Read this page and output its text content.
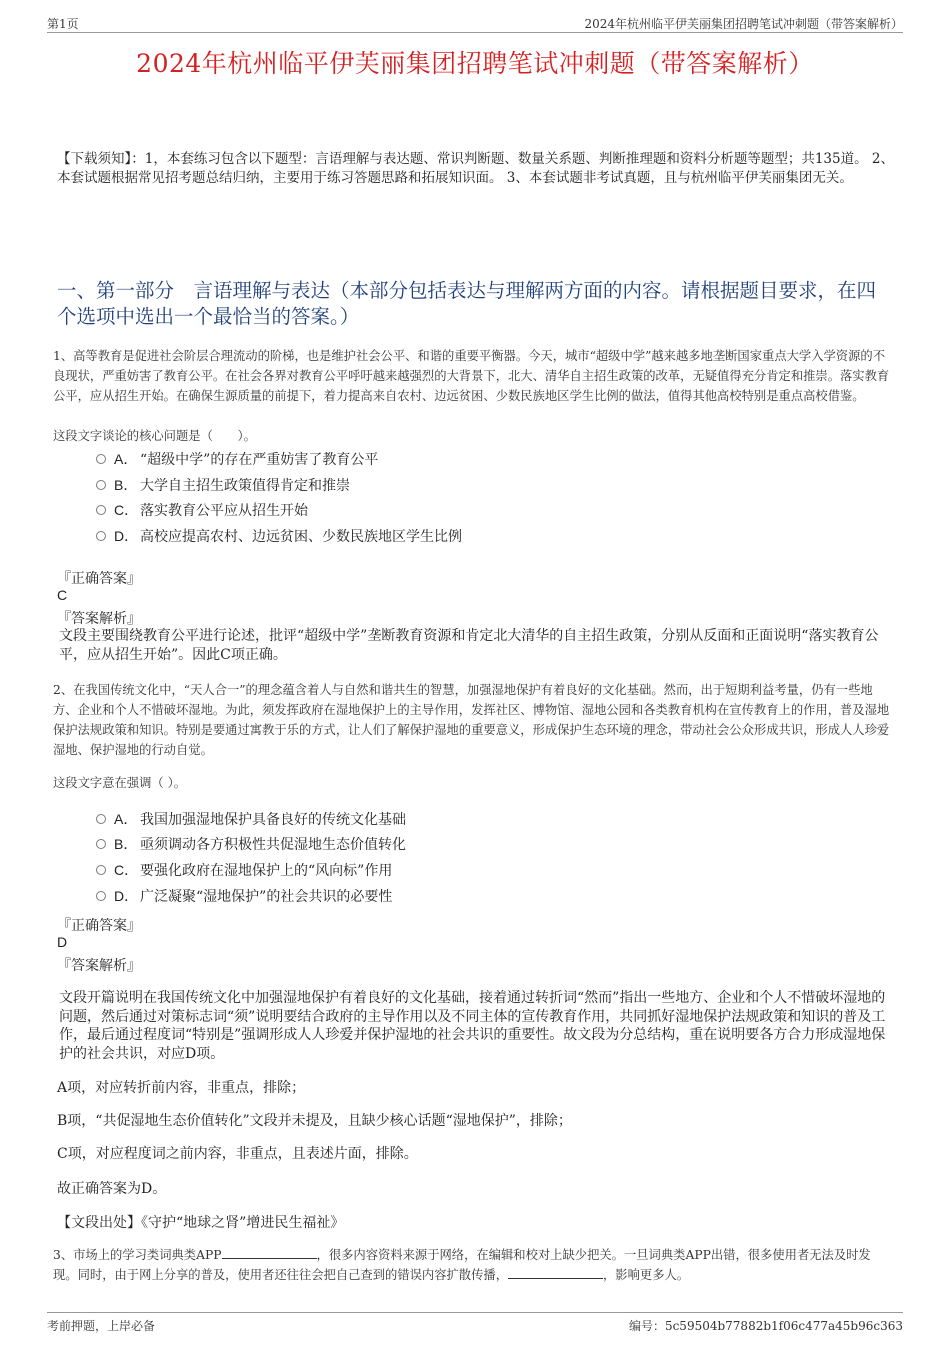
第1页	2024年杭州临平伊芙丽集团招聘笔试冲刺题（带答案解析）
2024年杭州临平伊芙丽集团招聘笔试冲刺题（带答案解析）
【下载须知】：1，本套练习包含以下题型：言语理解与表达题、常识判断题、数量关系题、判断推理题和资料分析题等题型；共135道。 2、本套试题根据常见招考题总结归纳，主要用于练习答题思路和拓展知识面。 3、本套试题非考试真题，且与杭州临平伊芙丽集团无关。
一、第一部分　言语理解与表达（本部分包括表达与理解两方面的内容。请根据题目要求，在四个选项中选出一个最恰当的答案。）
1、高等教育是促进社会阶层合理流动的阶梯，也是维护社会公平、和谐的重要平衡器。今天，城市“超级中学”越来越多地垄断国家重点大学入学资源的不良现状，严重妨害了教育公平。在社会各界对教育公平呼吁越来越强烈的大背景下，北大、清华自主招生政策的改革，无疑值得充分肯定和推崇。落实教育公平，应从招生开始。在确保生源质量的前提下，着力提高来自农村、边远贫困、少数民族地区学生比例的做法，值得其他高校特别是重点高校借鉴。
这段文字谈论的核心问题是（　　）。
A． “超级中学”的存在严重妨害了教育公平
B． 大学自主招生政策值得肯定和推崇
C． 落实教育公平应从招生开始
D． 高校应提高农村、边远贫困、少数民族地区学生比例
『正确答案』
C
『答案解析』
文段主要围绕教育公平进行论述，批评“超级中学”垄断教育资源和肯定北大清华的自主招生政策，分别从反面和正面说明“落实教育公平，应从招生开始”。因此C项正确。
2、在我国传统文化中，“天人合一”的理念蕴含着人与自然和谐共生的智慧，加强湿地保护有着良好的文化基础。然而，出于短期利益考量，仍有一些地方、企业和个人不惜破坏湿地。为此，须发挥政府在湿地保护上的主导作用，发挥社区、博物馆、湿地公园和各类教育机构在宣传教育上的作用，普及湿地保护法规政策和知识。特别是要通过寓教于乐的方式，让人们了解保护湿地的重要意义，形成保护生态环境的理念，带动社会公众形成共识，形成人人珍爱湿地、保护湿地的行动自觉。
这段文字意在强调（ ）。
A． 我国加强湿地保护具备良好的传统文化基础
B． 亟须调动各方积极性共促湿地生态价值转化
C． 要强化政府在湿地保护上的“风向标”作用
D． 广泛凝聚“湿地保护”的社会共识的必要性
『正确答案』
D
『答案解析』
文段开篇说明在我国传统文化中加强湿地保护有着良好的文化基础，接着通过转折词“然而”指出一些地方、企业和个人不惜破坏湿地的问题，然后通过对策标志词“须”说明要结合政府的主导作用以及不同主体的宣传教育作用，共同抓好湿地保护法规政策和知识的普及工作，最后通过程度词“特别是”强调形成人人珍爱并保护湿地的社会共识的重要性。故文段为分总结构，重在说明要各方合力形成湿地保护的社会共识，对应D项。
A项，对应转折前内容，非重点，排除；
B项，“共促湿地生态价值转化”文段并未提及，且缺少核心话题“湿地保护”，排除；
C项，对应程度词之前内容，非重点，且表述片面，排除。
故正确答案为D。
【文段出处】《守护“地球之肾”增进民生福祉》
3、市场上的学习类词典类APP	，很多内容资料来源于网络，在编辑和校对上缺少把关。一旦词典类APP出错，很多使用者无法及时发现。同时，由于网上分享的普及，使用者还往往会把自己查到的错误内容扩散传播，	，影响更多人。
考前押题，上岸必备	编号：5c59504b77882b1f06c477a45b96c363
